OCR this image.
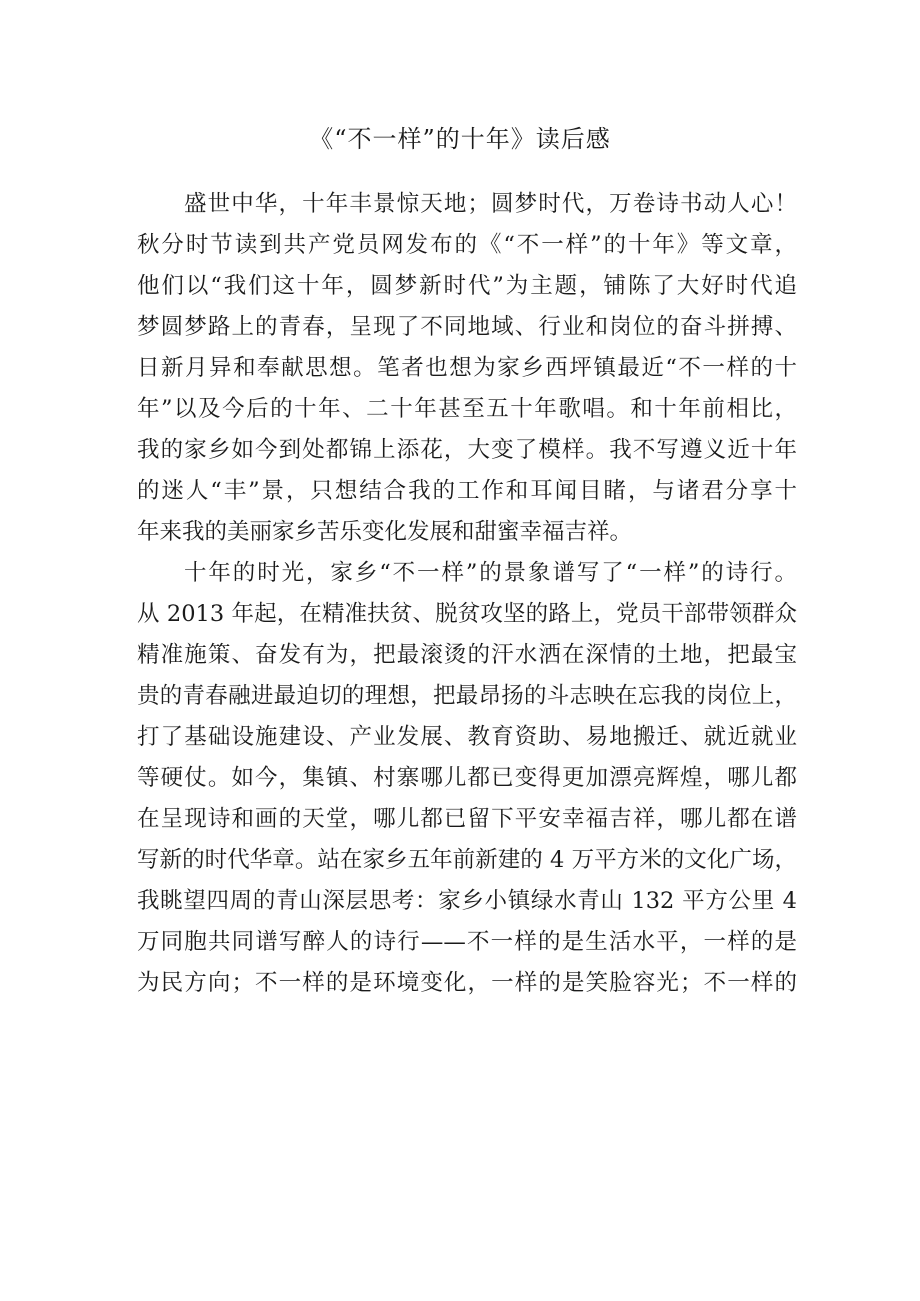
《“不一样”的十年》读后感
盛世中华，十年丰景惊天地；圆梦时代，万卷诗书动人心！
秋分时节读到共产党员网发布的《“不一样”的十年》等文章，
他们以“我们这十年，圆梦新时代”为主题，铺陈了大好时代追
梦圆梦路上的青春，呈现了不同地域、行业和岗位的奋斗拼搏、
日新月异和奉献思想。笔者也想为家乡西坪镇最近“不一样的十
年”以及今后的十年、二十年甚至五十年歌唱。和十年前相比，
我的家乡如今到处都锦上添花，大变了模样。我不写遵义近十年
的迷人“丰”景，只想结合我的工作和耳闻目睹，与诸君分享十
年来我的美丽家乡苦乐变化发展和甜蜜幸福吉祥。
十年的时光，家乡“不一样”的景象谱写了“一样”的诗行。
从 2013 年起，在精准扶贫、脱贫攻坚的路上，党员干部带领群众
精准施策、奋发有为，把最滚烫的汗水洒在深情的土地，把最宝
贵的青春融进最迫切的理想，把最昂扬的斗志映在忘我的岗位上，
打了基础设施建设、产业发展、教育资助、易地搬迁、就近就业
等硬仗。如今，集镇、村寨哪儿都已变得更加漂亮辉煌，哪儿都
在呈现诗和画的天堂，哪儿都已留下平安幸福吉祥，哪儿都在谱
写新的时代华章。站在家乡五年前新建的 4 万平方米的文化广场，
我眺望四周的青山深层思考：家乡小镇绿水青山 132 平方公里 4
万同胞共同谱写醉人的诗行——不一样的是生活水平，一样的是
为民方向；不一样的是环境变化，一样的是笑脸容光；不一样的
